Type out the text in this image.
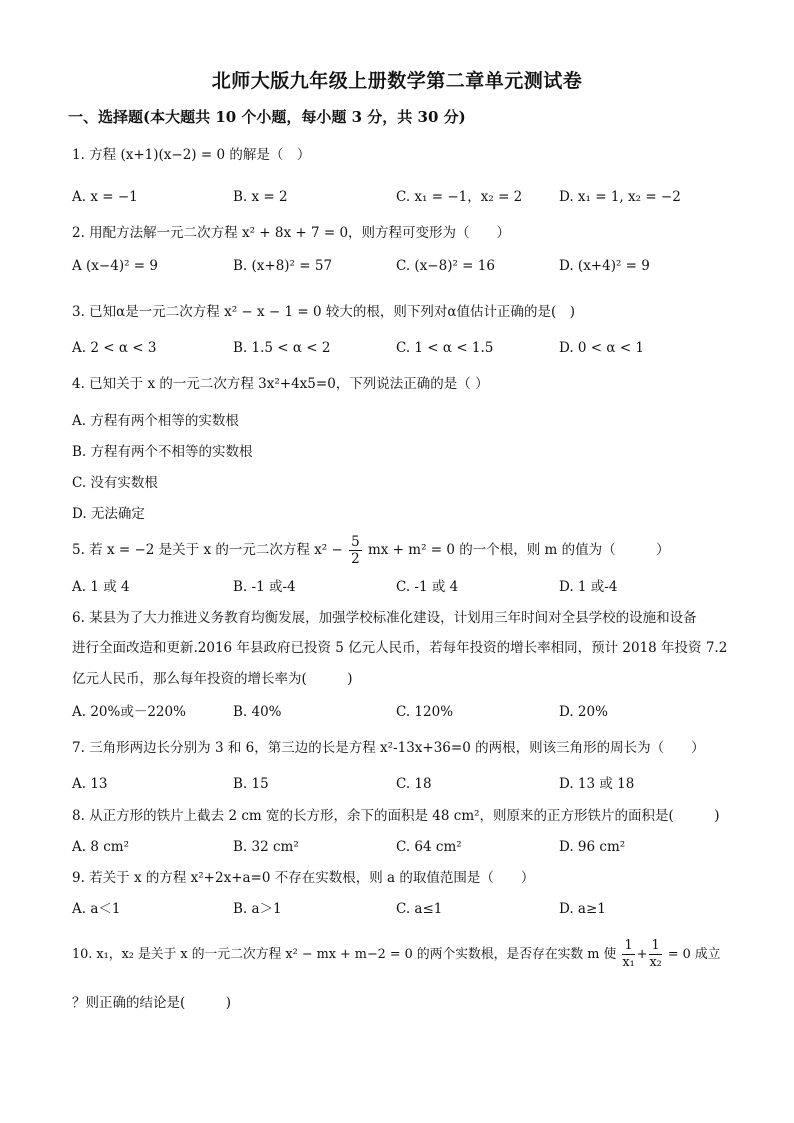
北师大版九年级上册数学第二章单元测试卷
一、选择题(本大题共 10 个小题，每小题 3 分，共 30 分)
1. 方程 (x+1)(x−2) = 0 的解是（　）
A. x = −1	B. x = 2	C. x₁ = −1，x₂ = 2	D. x₁ = 1, x₂ = −2
2. 用配方法解一元二次方程 x² + 8x + 7 = 0，则方程可变形为（　　）
A (x−4)² = 9	B. (x+8)² = 57	C. (x−8)² = 16	D. (x+4)² = 9
3. 已知α是一元二次方程 x² − x − 1 = 0 较大的根，则下列对α值估计正确的是(　)
A. 2 < α < 3	B. 1.5 < α < 2	C. 1 < α < 1.5	D. 0 < α < 1
4. 已知关于 x 的一元二次方程 3x²+4x5=0，下列说法正确的是（ ）
A. 方程有两个相等的实数根
B. 方程有两个不相等的实数根
C. 没有实数根
D. 无法确定
5. 若 x = −2 是关于 x 的一元二次方程 $x^2 - \frac{5}{2}$ mx + m² = 0 的一个根，则 m 的值为（　　　）
A. 1 或 4	B. -1 或-4	C. -1 或 4	D. 1 或-4
6. 某县为了大力推进义务教育均衡发展，加强学校标准化建设，计划用三年时间对全县学校的设施和设备
进行全面改造和更新.2016 年县政府已投资 5 亿元人民币，若每年投资的增长率相同，预计 2018 年投资 7.2
亿元人民币，那么每年投资的增长率为(　　　)
A. 20%或－220%	B. 40%	C. 120%	D. 20%
7. 三角形两边长分别为 3 和 6，第三边的长是方程 x²-13x+36=0 的两根，则该三角形的周长为（　　）
A. 13	B. 15	C. 18	D. 13 或 18
8. 从正方形的铁片上截去 2 cm 宽的长方形，余下的面积是 48 cm²，则原来的正方形铁片的面积是(　　　)
A. 8 cm²	B. 32 cm²	C. 64 cm²	D. 96 cm²
9. 若关于 x 的方程 x²+2x+a=0 不存在实数根，则 a 的取值范围是（　　）
A. a＜1	B. a＞1	C. a≤1	D. a≥1
10. x₁，x₂ 是关于 x 的一元二次方程 x² − mx + m−2 = 0 的两个实数根，是否存在实数 m 使 $\frac{1}{\text{x₁}} + \frac{1}{\text{x₂}} = 0$ 成立
？则正确的结论是(　　　)
